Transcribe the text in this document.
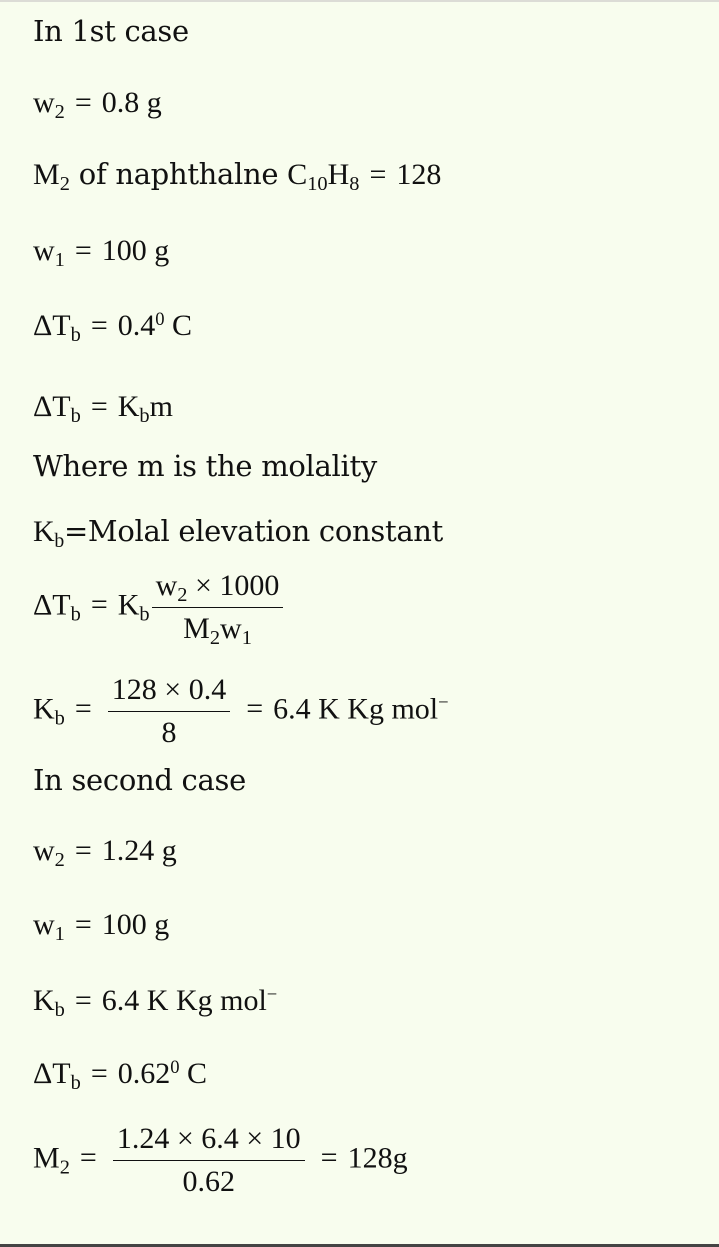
In 1st case
$w_2 = 0.8$ g
$M_2$ of naphthalne $C_{10}H_8 = 128$
$w_1 = 100$ g
$\Delta T_b = 0.4^0$ C
$\Delta T_b = K_bm$
Where m is the molality
$K_b=Molal$ elevation constant
$\Delta T_b = K_b \frac{w_2 \times 1000}{M_2w_1}$
$K_b = \frac{128 \times 0.4}{8} = 6.4$ K Kg mol−
In second case
$w_2 = 1.24$ g
$w_1 = 100$ g
$K_b = 6.4$ K Kg mol−
$\Delta T_b = 0.62^0$ C
$M_2 = \frac{1.24 \times 6.4 \times 10}{0.62} = 128g$
